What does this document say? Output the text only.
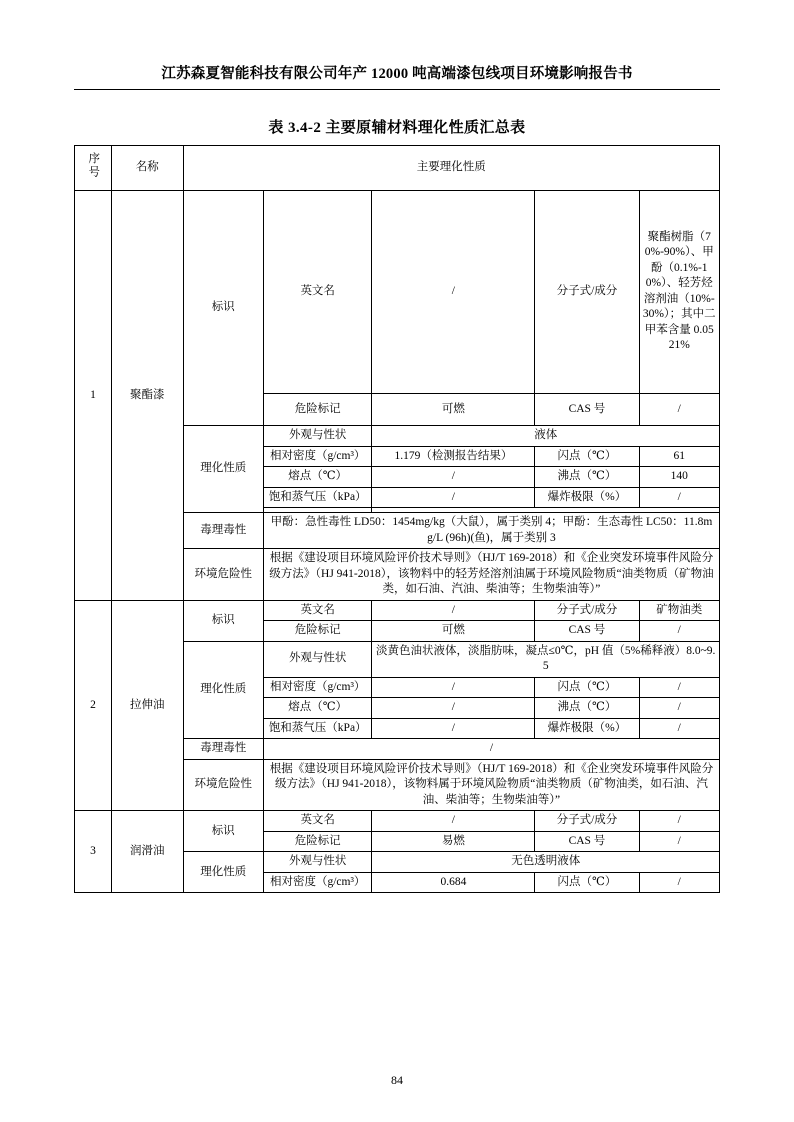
江苏森夏智能科技有限公司年产 12000 吨高端漆包线项目环境影响报告书
表 3.4-2 主要原辅材料理化性质汇总表
序号	名称	主要理化性质				
1	聚酯漆	标识	英文名	/	分子式/成分	聚酯树脂（70%-90%）、甲酚（0.1%-10%）、轻芳烃溶剂油（10%-30%）；其中二甲苯含量 0.0521%
			危险标记	可燃	CAS 号	/
		理化性质	外观与性状	液体		
			相对密度（g/cm³）	1.179（检测报告结果）	闪点（℃）	61
			熔点（℃）	/	沸点（℃）	140
			饱和蒸气压（kPa）	/	爆炸极限（%）	/

		毒理毒性	甲酚：急性毒性 LD50：1454mg/kg（大鼠），属于类别 4；甲酚：生态毒性 LC50：11.8mg/L (96h)(鱼)，属于类别 3			
		环境危险性	根据《建设项目环境风险评价技术导则》（HJ/T 169-2018）和《企业突发环境事件风险分级方法》（HJ 941-2018），该物料中的轻芳烃溶剂油属于环境风险物质“油类物质（矿物油类，如石油、汽油、柴油等；生物柴油等）”			
2	拉伸油	标识	英文名	/	分子式/成分	矿物油类
			危险标记	可燃	CAS 号	/
		理化性质	外观与性状	淡黄色油状液体，淡脂肪味，凝点≤0℃，pH 值（5%稀释液）8.0~9.5		
			相对密度（g/cm³）	/	闪点（℃）	/
			熔点（℃）	/	沸点（℃）	/
			饱和蒸气压（kPa）	/	爆炸极限（%）	/
		毒理毒性	/			
		环境危险性	根据《建设项目环境风险评价技术导则》（HJ/T 169-2018）和《企业突发环境事件风险分级方法》（HJ 941-2018），该物料属于环境风险物质“油类物质（矿物油类，如石油、汽油、柴油等；生物柴油等）”			
3	润滑油	标识	英文名	/	分子式/成分	/
			危险标记	易燃	CAS 号	/
		理化性质	外观与性状	无色透明液体		
			相对密度（g/cm³）	0.684	闪点（℃）	/
84
